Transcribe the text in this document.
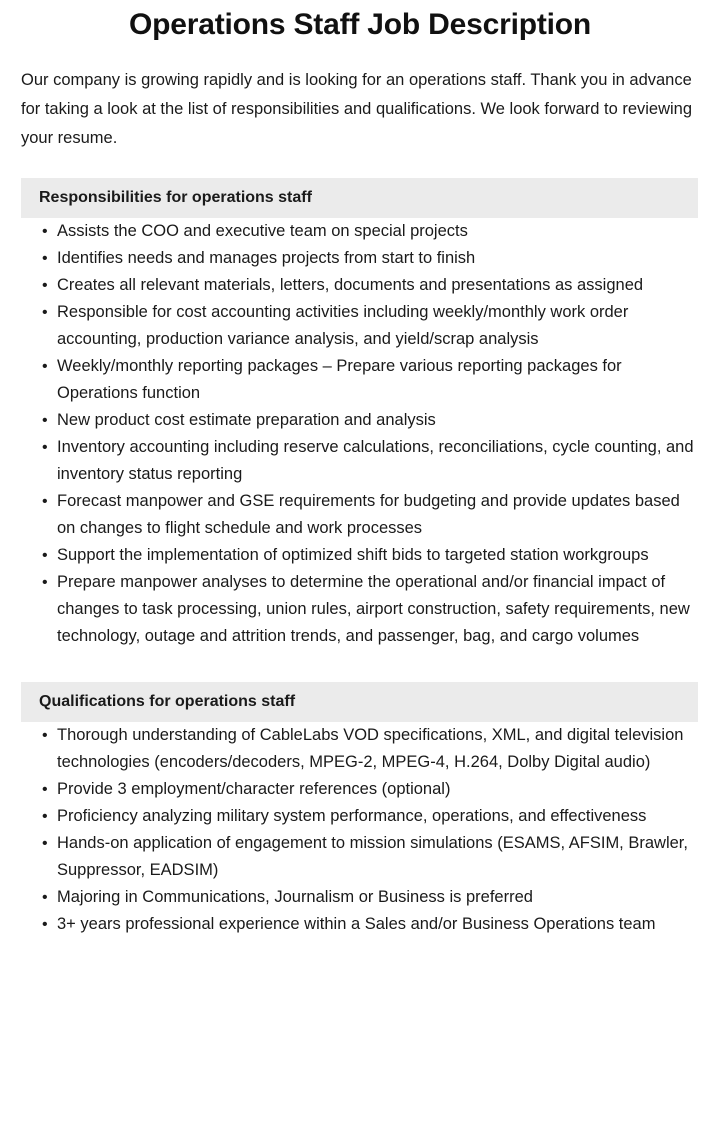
Operations Staff Job Description

Our company is growing rapidly and is looking for an operations staff. Thank you in advance for taking a look at the list of responsibilities and qualifications. We look forward to reviewing your resume.

Responsibilities for operations staff
• Assists the COO and executive team on special projects
• Identifies needs and manages projects from start to finish
• Creates all relevant materials, letters, documents and presentations as assigned
• Responsible for cost accounting activities including weekly/monthly work order accounting, production variance analysis, and yield/scrap analysis
• Weekly/monthly reporting packages – Prepare various reporting packages for Operations function
• New product cost estimate preparation and analysis
• Inventory accounting including reserve calculations, reconciliations, cycle counting, and inventory status reporting
• Forecast manpower and GSE requirements for budgeting and provide updates based on changes to flight schedule and work processes
• Support the implementation of optimized shift bids to targeted station workgroups
• Prepare manpower analyses to determine the operational and/or financial impact of changes to task processing, union rules, airport construction, safety requirements, new technology, outage and attrition trends, and passenger, bag, and cargo volumes
Qualifications for operations staff
• Thorough understanding of CableLabs VOD specifications, XML, and digital television technologies (encoders/decoders, MPEG-2, MPEG-4, H.264, Dolby Digital audio)
• Provide 3 employment/character references (optional)
• Proficiency analyzing military system performance, operations, and effectiveness
• Hands-on application of engagement to mission simulations (ESAMS, AFSIM, Brawler, Suppressor, EADSIM)
• Majoring in Communications, Journalism or Business is preferred
• 3+ years professional experience within a Sales and/or Business Operations team
